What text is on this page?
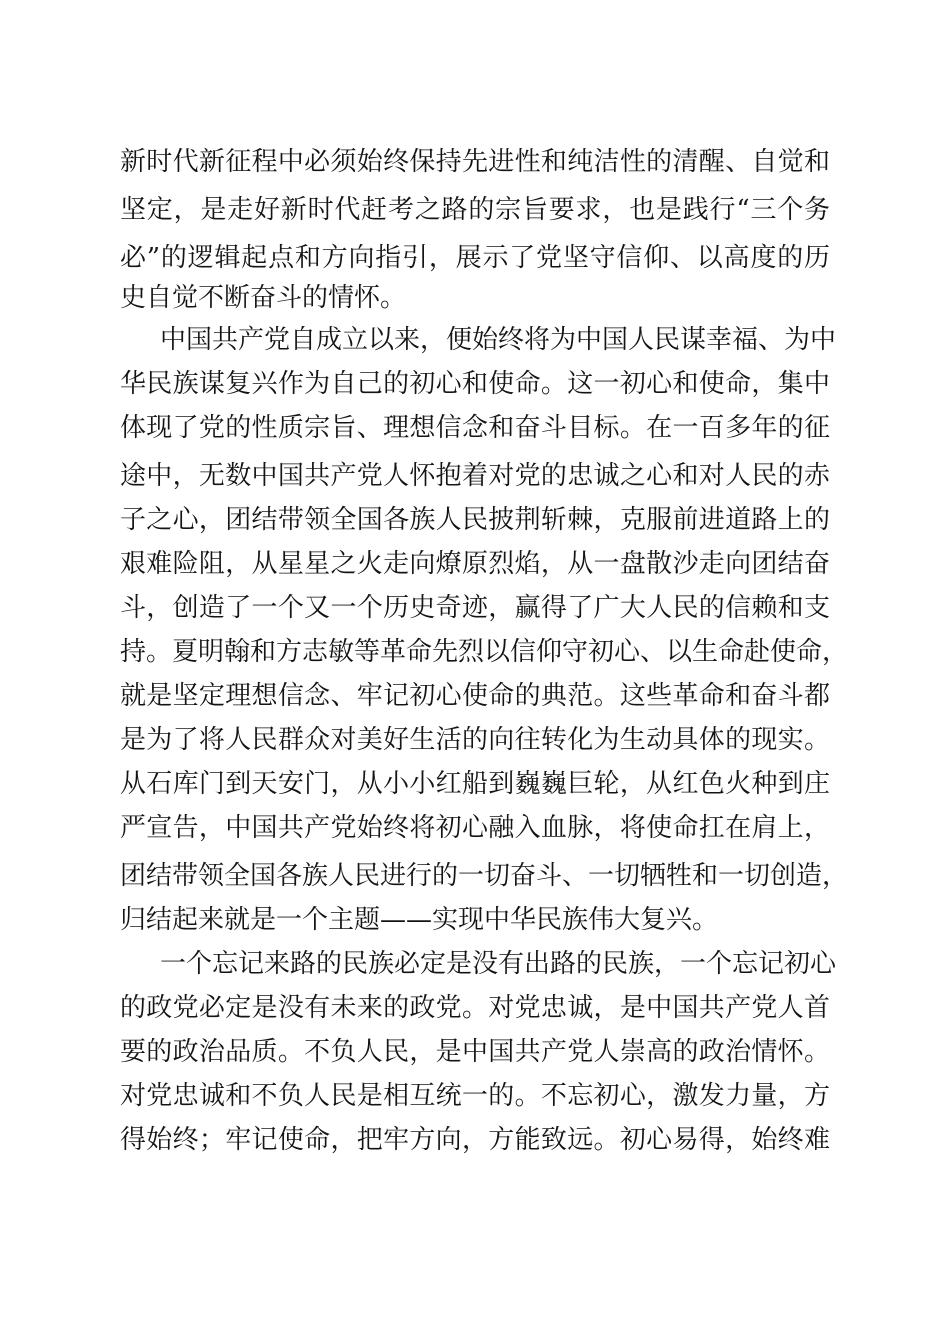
新时代新征程中必须始终保持先进性和纯洁性的清醒、自觉和
坚定，是走好新时代赶考之路的宗旨要求，也是践行“三个务
必”的逻辑起点和方向指引，展示了党坚守信仰、以高度的历
史自觉不断奋斗的情怀。
中国共产党自成立以来，便始终将为中国人民谋幸福、为中
华民族谋复兴作为自己的初心和使命。这一初心和使命，集中
体现了党的性质宗旨、理想信念和奋斗目标。在一百多年的征
途中，无数中国共产党人怀抱着对党的忠诚之心和对人民的赤
子之心，团结带领全国各族人民披荆斩棘，克服前进道路上的
艰难险阻，从星星之火走向燎原烈焰，从一盘散沙走向团结奋
斗，创造了一个又一个历史奇迹，赢得了广大人民的信赖和支
持。夏明翰和方志敏等革命先烈以信仰守初心、以生命赴使命，
就是坚定理想信念、牢记初心使命的典范。这些革命和奋斗都
是为了将人民群众对美好生活的向往转化为生动具体的现实。
从石库门到天安门，从小小红船到巍巍巨轮，从红色火种到庄
严宣告，中国共产党始终将初心融入血脉，将使命扛在肩上，
团结带领全国各族人民进行的一切奋斗、一切牺牲和一切创造，
归结起来就是一个主题——实现中华民族伟大复兴。
一个忘记来路的民族必定是没有出路的民族，一个忘记初心
的政党必定是没有未来的政党。对党忠诚，是中国共产党人首
要的政治品质。不负人民，是中国共产党人崇高的政治情怀。
对党忠诚和不负人民是相互统一的。不忘初心，激发力量，方
得始终；牢记使命，把牢方向，方能致远。初心易得，始终难
